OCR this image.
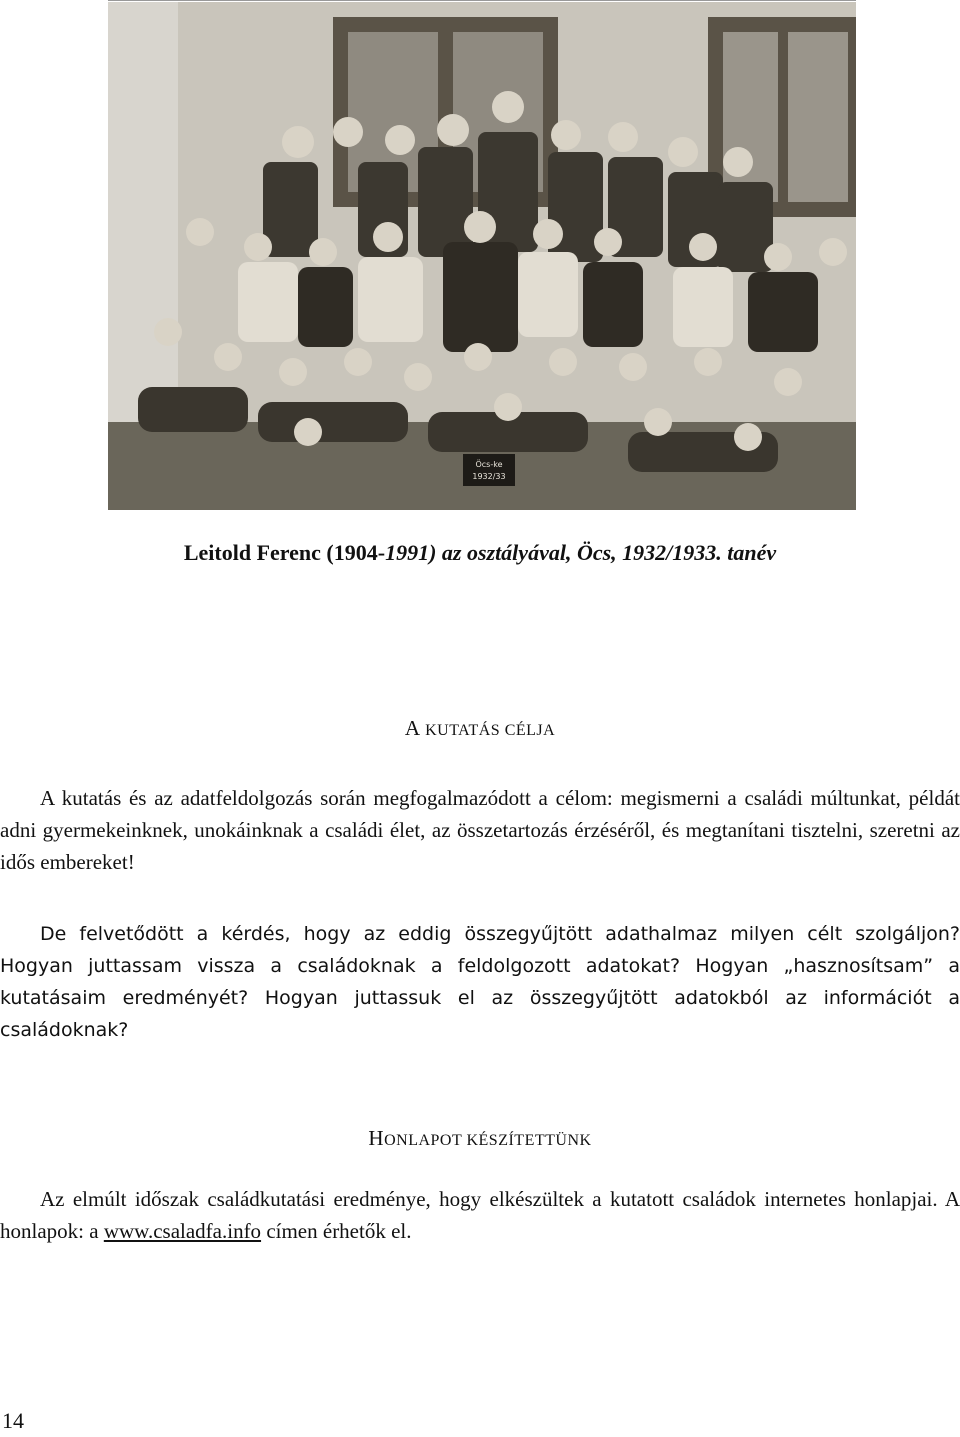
Öcs-ke
1932/33
Leitold Ferenc (1904-1991) az osztályával, Öcs, 1932/1933. tanév
A KUTATÁS CÉLJA
A kutatás és az adatfeldolgozás során megfogalmazódott a célom: megismerni a családi múltunkat, példát adni gyermekeinknek, unokáinknak a családi élet, az összetartozás érzéséről, és megtanítani tisztelni, szeretni az idős embereket!
De felvetődött a kérdés, hogy az eddig összegyűjtött adathalmaz milyen célt szolgáljon? Hogyan juttassam vissza a családoknak a feldolgozott adatokat? Hogyan „hasznosítsam” a kutatásaim eredményét? Hogyan juttassuk el az összegyűjtött adatokból az információt a családoknak?
HONLAPOT KÉSZÍTETTÜNK
Az elmúlt időszak családkutatási eredménye, hogy elkészültek a kutatott családok internetes honlapjai. A honlapok: a www.csaladfa.info címen érhetők el.
14
